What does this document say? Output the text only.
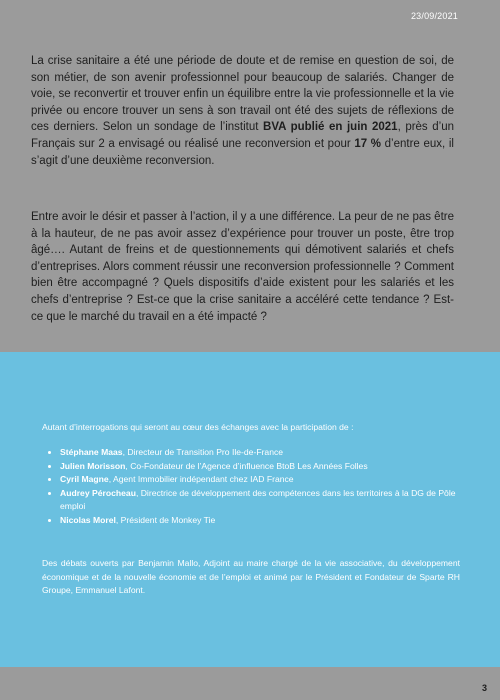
23/09/2021

La crise sanitaire a été une période de doute et de remise en question de soi, de son métier, de son avenir professionnel pour beaucoup de salariés. Changer de voie, se reconvertir et trouver enfin un équilibre entre la vie professionnelle et la vie privée ou encore trouver un sens à son travail ont été des sujets de réflexions de ces derniers. Selon un sondage de l’institut BVA publié en juin 2021, près d’un Français sur 2 a envisagé ou réalisé une reconversion et pour 17 % d’entre eux, il s’agit d’une deuxième reconversion.

Entre avoir le désir et passer à l’action, il y a une différence. La peur de ne pas être à la hauteur, de ne pas avoir assez d’expérience pour trouver un poste, être trop âgé…. Autant de freins et de questionnements qui démotivent salariés et chefs d’entreprises. Alors comment réussir une reconversion professionnelle ? Comment bien être accompagné ? Quels dispositifs d’aide existent pour les salariés et les chefs d’entreprise ? Est-ce que la crise sanitaire a accéléré cette tendance ? Est-ce que le marché du travail en a été impacté ?

Autant d’interrogations qui seront au cœur des échanges avec la participation de :

• Stéphane Maas, Directeur de Transition Pro Ile-de-France
• Julien Morisson, Co-Fondateur de l’Agence d’influence BtoB Les Années Folles
• Cyril Magne, Agent Immobilier indépendant chez IAD France
• Audrey Pérocheau, Directrice de développement des compétences dans les territoires à la DG de Pôle emploi
• Nicolas Morel, Président de Monkey Tie

Des débats ouverts par Benjamin Mallo, Adjoint au maire chargé de la vie associative, du développement économique et de la nouvelle économie et de l’emploi et animé par le Président et Fondateur de Sparte RH Groupe, Emmanuel Lafont.

3
